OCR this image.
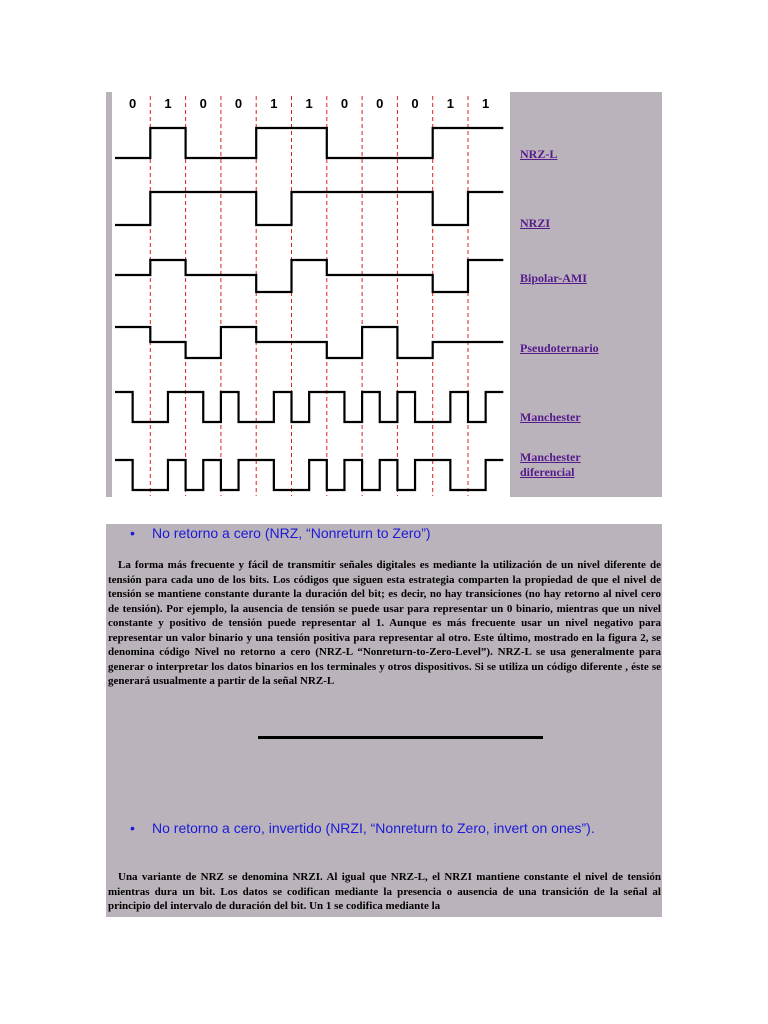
0 1 0 0 1 1 0 0 0 1 1
NRZ-L
NRZI
Bipolar-AMI
Pseudoternario
Manchester
Manchester
diferencial
• No retorno a cero (NRZ, “Nonreturn to Zero”)
La forma más frecuente y fácil de transmitir señales digitales es mediante la utilización de un nivel diferente de tensión para cada uno de los bits. Los códigos que siguen esta estrategia comparten la propiedad de que el nivel de tensión se mantiene constante durante la duración del bit; es decir, no hay transiciones (no hay retorno al nivel cero de tensión). Por ejemplo, la ausencia de tensión se puede usar para representar un 0 binario, mientras que un nivel constante y positivo de tensión puede representar al 1. Aunque es más frecuente usar un nivel negativo para representar un valor binario y una tensión positiva para representar al otro. Este último, mostrado en la figura 2, se denomina código Nivel no retorno a cero (NRZ-L “Nonreturn-to-Zero-Level”). NRZ-L se usa generalmente para generar o interpretar los datos binarios en los terminales y otros dispositivos. Si se utiliza un código diferente , éste se generará usualmente a partir de la señal NRZ-L
• No retorno a cero, invertido (NRZI, “Nonreturn to Zero, invert on ones”).
Una variante de NRZ se denomina NRZI. Al igual que NRZ-L, el NRZI mantiene constante el nivel de tensión mientras dura un bit. Los datos se codifican mediante la presencia o ausencia de una transición de la señal al principio del intervalo de duración del bit. Un 1 se codifica mediante la
